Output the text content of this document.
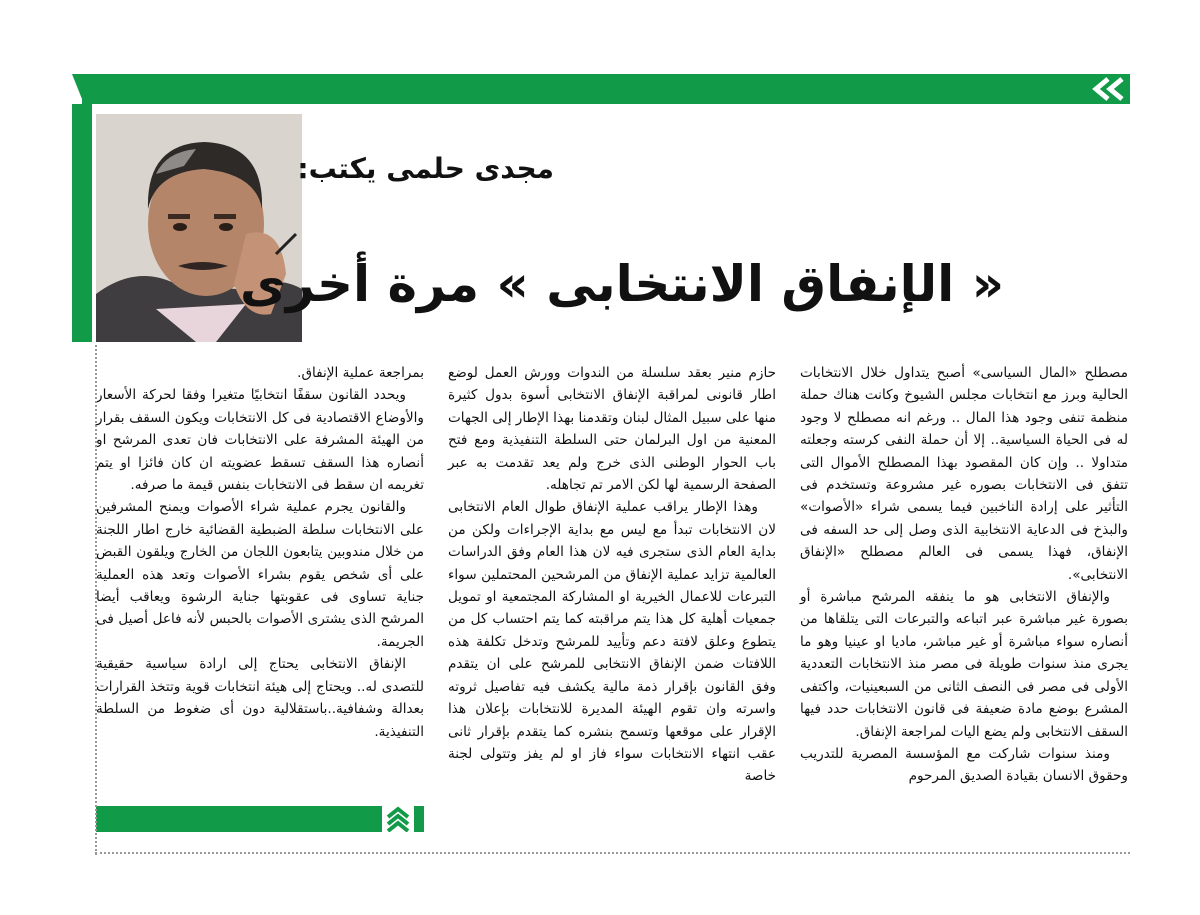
مجدى حلمى يكتب:
« الإنفاق الانتخابى » مرة أخرى

مصطلح «المال السياسى» أصبح يتداول خلال الانتخابات الحالية وبرز مع انتخابات مجلس الشيوخ وكانت هناك حملة منظمة تنفى وجود هذا المال .. ورغم انه مصطلح لا وجود له فى الحياة السياسية.. إلا أن حملة النفى كرسته وجعلته متداولا .. وإن كان المقصود بهذا المصطلح الأموال التى تتفق فى الانتخابات بصوره غير مشروعة وتستخدم فى التأثير على إرادة الناخبين فيما يسمى شراء «الأصوات» والبذخ فى الدعاية الانتخابية الذى وصل إلى حد السفه فى الإنفاق، فهذا يسمى فى العالم مصطلح «الإنفاق الانتخابى».

والإنفاق الانتخابى هو ما ينفقه المرشح مباشرة أو بصورة غير مباشرة عبر اتباعه والتبرعات التى يتلقاها من أنصاره سواء مباشرة أو غير مباشر، ماديا او عينيا وهو ما يجرى منذ سنوات طويلة فى مصر منذ الانتخابات التعددية الأولى فى مصر فى النصف الثانى من السبعينيات، واكتفى المشرع بوضع مادة ضعيفة فى قانون الانتخابات حدد فيها السقف الانتخابى ولم يضع اليات لمراجعة الإنفاق.

ومنذ سنوات شاركت مع المؤسسة المصرية للتدريب وحقوق الانسان بقيادة الصديق المرحوم

حازم منير بعقد سلسلة من الندوات وورش العمل لوضع اطار قانونى لمراقبة الإنفاق الانتخابى أسوة بدول كثيرة منها على سبيل المثال لبنان وتقدمنا بهذا الإطار إلى الجهات المعنية من اول البرلمان حتى السلطة التنفيذية ومع فتح باب الحوار الوطنى الذى خرج ولم يعد تقدمت به عبر الصفحة الرسمية لها لكن الامر تم تجاهله.

وهذا الإطار يراقب عملية الإنفاق طوال العام الانتخابى لان الانتخابات تبدأ مع ليس مع بداية الإجراءات ولكن من بداية العام الذى ستجرى فيه لان هذا العام وفق الدراسات العالمية تزايد عملية الإنفاق من المرشحين المحتملين سواء التبرعات للاعمال الخيرية او المشاركة المجتمعية او تمويل جمعيات أهلية كل هذا يتم مراقبته كما يتم احتساب كل من يتطوع وعلق لافتة دعم وتأييد للمرشح وتدخل تكلفة هذه اللافتات ضمن الإنفاق الانتخابى للمرشح على ان يتقدم وفق القانون بإقرار ذمة مالية يكشف فيه تفاصيل ثروته واسرته وان تقوم الهيئة المديرة للانتخابات بإعلان هذا الإقرار على موقعها وتسمح بنشره كما يتقدم بإقرار ثانى عقب انتهاء الانتخابات سواء فاز او لم يفز وتتولى لجنة خاصة

بمراجعة عملية الإنفاق.

ويحدد القانون سقفًا انتخابيًا متغيرا وفقا لحركة الأسعار والأوضاع الاقتصادية فى كل الانتخابات ويكون السقف بقرار من الهيئة المشرفة على الانتخابات فان تعدى المرشح او أنصاره هذا السقف تسقط عضويته ان كان فائزا او يتم تغريمه ان سقط فى الانتخابات بنفس قيمة ما صرفه.

والقانون يجرم عملية شراء الأصوات ويمنح المشرفين على الانتخابات سلطة الضبطية القضائية خارج اطار اللجنة من خلال مندوبين يتابعون اللجان من الخارج ويلقون القبض على أى شخص يقوم بشراء الأصوات وتعد هذه العملية جناية تساوى فى عقوبتها جناية الرشوة ويعاقب أيضا المرشح الذى يشترى الأصوات بالحبس لأنه فاعل أصيل فى الجريمة.

الإنفاق الانتخابى يحتاج إلى ارادة سياسية حقيقية للتصدى له.. ويحتاج إلى هيئة انتخابات قوية وتتخذ القرارات بعدالة وشفافية..باستقلالية دون أى ضغوط من السلطة التنفيذية.
